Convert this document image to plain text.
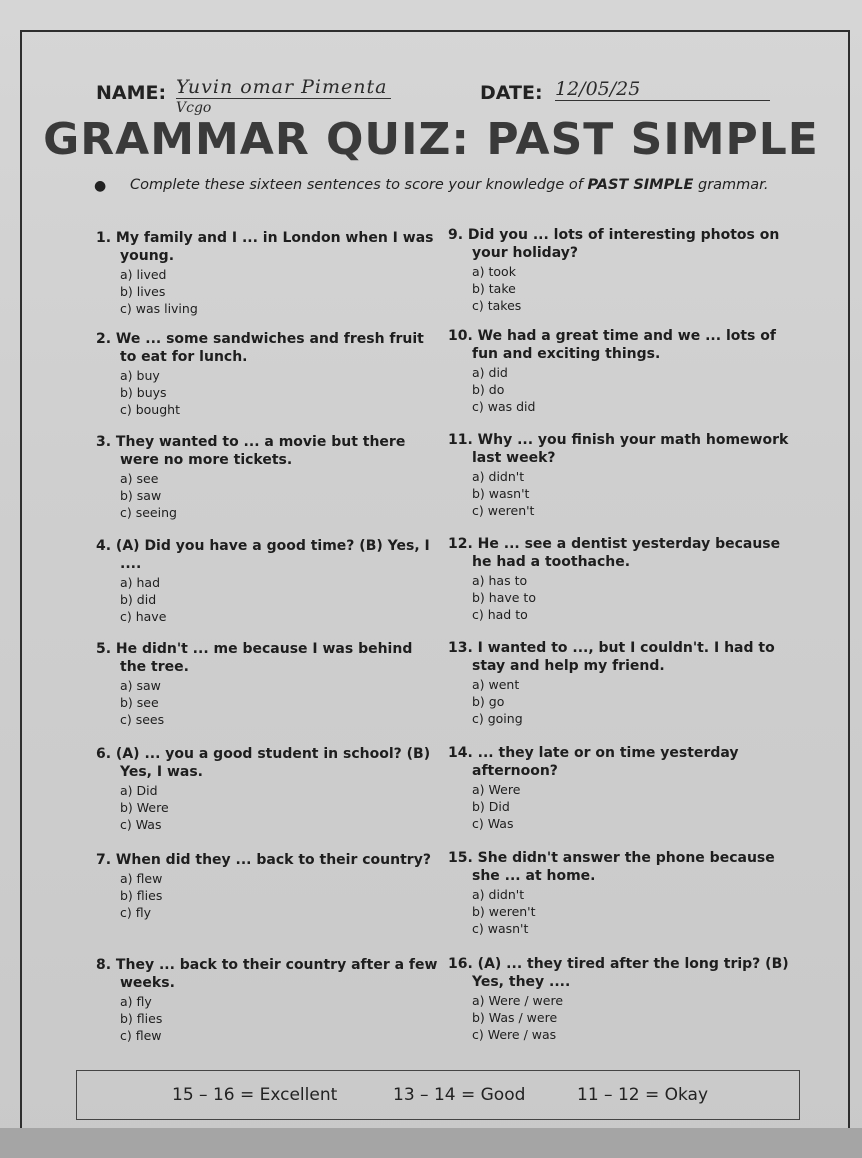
NAME: Yuvin omar Pimenta
Vcgo
DATE: 12/05/25
GRAMMAR QUIZ: PAST SIMPLE
● Complete these sixteen sentences to score your knowledge of PAST SIMPLE grammar.
1. My family and I ... in London when I was young.
a) lived
b) lives
c) was living
2. We ... some sandwiches and fresh fruit to eat for lunch.
a) buy
b) buys
c) bought
3. They wanted to ... a movie but there were no more tickets.
a) see
b) saw
c) seeing
4. (A) Did you have a good time? (B) Yes, I ....
a) had
b) did
c) have
5. He didn't ... me because I was behind the tree.
a) saw
b) see
c) sees
6. (A) ... you a good student in school? (B) Yes, I was.
a) Did
b) Were
c) Was
7. When did they ... back to their country?
a) flew
b) flies
c) fly
8. They ... back to their country after a few weeks.
a) fly
b) flies
c) flew
9. Did you ... lots of interesting photos on your holiday?
a) took
b) take
c) takes
10. We had a great time and we ... lots of fun and exciting things.
a) did
b) do
c) was did
11. Why ... you finish your math homework last week?
a) didn't
b) wasn't
c) weren't
12. He ... see a dentist yesterday because he had a toothache.
a) has to
b) have to
c) had to
13. I wanted to ..., but I couldn't. I had to stay and help my friend.
a) went
b) go
c) going
14. ... they late or on time yesterday afternoon?
a) Were
b) Did
c) Was
15. She didn't answer the phone because she ... at home.
a) didn't
b) weren't
c) wasn't
16. (A) ... they tired after the long trip? (B) Yes, they ....
a) Were / were
b) Was / were
c) Were / was
15 – 16 = Excellent	13 – 14 = Good	11 – 12 = Okay
